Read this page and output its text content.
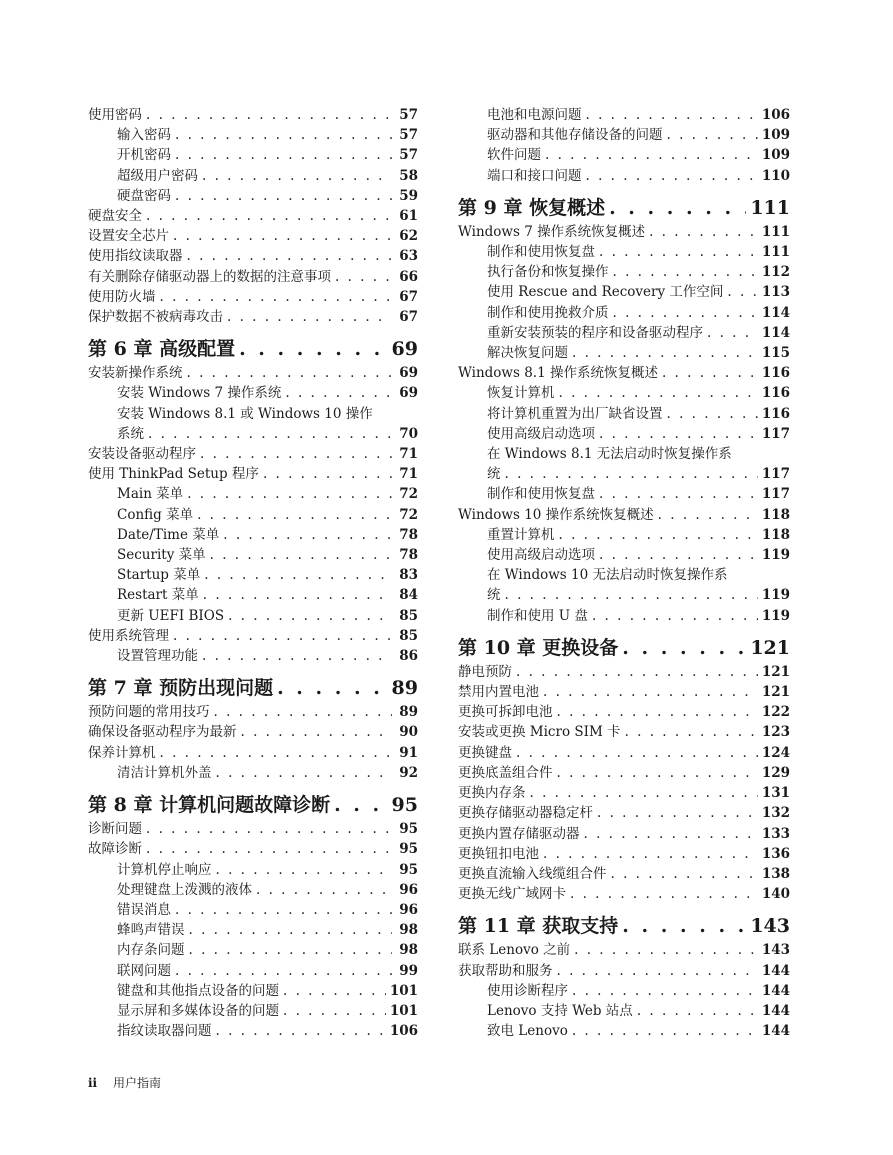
使用密码 . . .	57
输入密码 . . .	57
开机密码 . . .	57
超级用户密码 . . .	58
硬盘密码 . . .	59
硬盘安全 . . .	61
设置安全芯片 . . .	62
使用指纹读取器 . . .	63
有关删除存储驱动器上的数据的注意事项 . . .	66
使用防火墙 . . .	67
保护数据不被病毒攻击 . . .	67
第 6 章 高级配置 . . .	69
安装新操作系统 . . .	69
安装 Windows 7 操作系统 . . .	69
安装 Windows 8.1 或 Windows 10 操作
系统 . . .	70
安装设备驱动程序 . . .	71
使用 ThinkPad Setup 程序 . . .	71
Main 菜单 . . .	72
Config 菜单 . . .	72
Date/Time 菜单 . . .	78
Security 菜单 . . .	78
Startup 菜单 . . .	83
Restart 菜单 . . .	84
更新 UEFI BIOS . . .	85
使用系统管理 . . .	85
设置管理功能 . . .	86
第 7 章 预防出现问题 . . .	89
预防问题的常用技巧 . . .	89
确保设备驱动程序为最新 . . .	90
保养计算机 . . .	91
清洁计算机外盖 . . .	92
第 8 章 计算机问题故障诊断 . . .	95
诊断问题 . . .	95
故障诊断 . . .	95
计算机停止响应 . . .	95
处理键盘上泼溅的液体 . . .	96
错误消息 . . .	96
蜂鸣声错误 . . .	98
内存条问题 . . .	98
联网问题 . . .	99
键盘和其他指点设备的问题 . . .	101
显示屏和多媒体设备的问题 . . .	101
指纹读取器问题 . . .	106
电池和电源问题 . . .	106
驱动器和其他存储设备的问题 . . .	109
软件问题 . . .	109
端口和接口问题 . . .	110
第 9 章 恢复概述 . . .	111
Windows 7 操作系统恢复概述 . . .	111
制作和使用恢复盘 . . .	111
执行备份和恢复操作 . . .	112
使用 Rescue and Recovery 工作空间 . . .	113
制作和使用挽救介质 . . .	114
重新安装预装的程序和设备驱动程序 . . .	114
解决恢复问题 . . .	115
Windows 8.1 操作系统恢复概述 . . .	116
恢复计算机 . . .	116
将计算机重置为出厂缺省设置 . . .	116
使用高级启动选项 . . .	117
在 Windows 8.1 无法启动时恢复操作系
统 . . .	117
制作和使用恢复盘 . . .	117
Windows 10 操作系统恢复概述 . . .	118
重置计算机 . . .	118
使用高级启动选项 . . .	119
在 Windows 10 无法启动时恢复操作系
统 . . .	119
制作和使用 U 盘 . . .	119
第 10 章 更换设备 . . .	121
静电预防 . . .	121
禁用内置电池 . . .	121
更换可拆卸电池 . . .	122
安装或更换 Micro SIM 卡 . . .	123
更换键盘 . . .	124
更换底盖组合件 . . .	129
更换内存条 . . .	131
更换存储驱动器稳定杆 . . .	132
更换内置存储驱动器 . . .	133
更换钮扣电池 . . .	136
更换直流输入线缆组合件 . . .	138
更换无线广域网卡 . . .	140
第 11 章 获取支持 . . .	143
联系 Lenovo 之前 . . .	143
获取帮助和服务 . . .	144
使用诊断程序 . . .	144
Lenovo 支持 Web 站点 . . .	144
致电 Lenovo . . .	144
ii 用户指南
